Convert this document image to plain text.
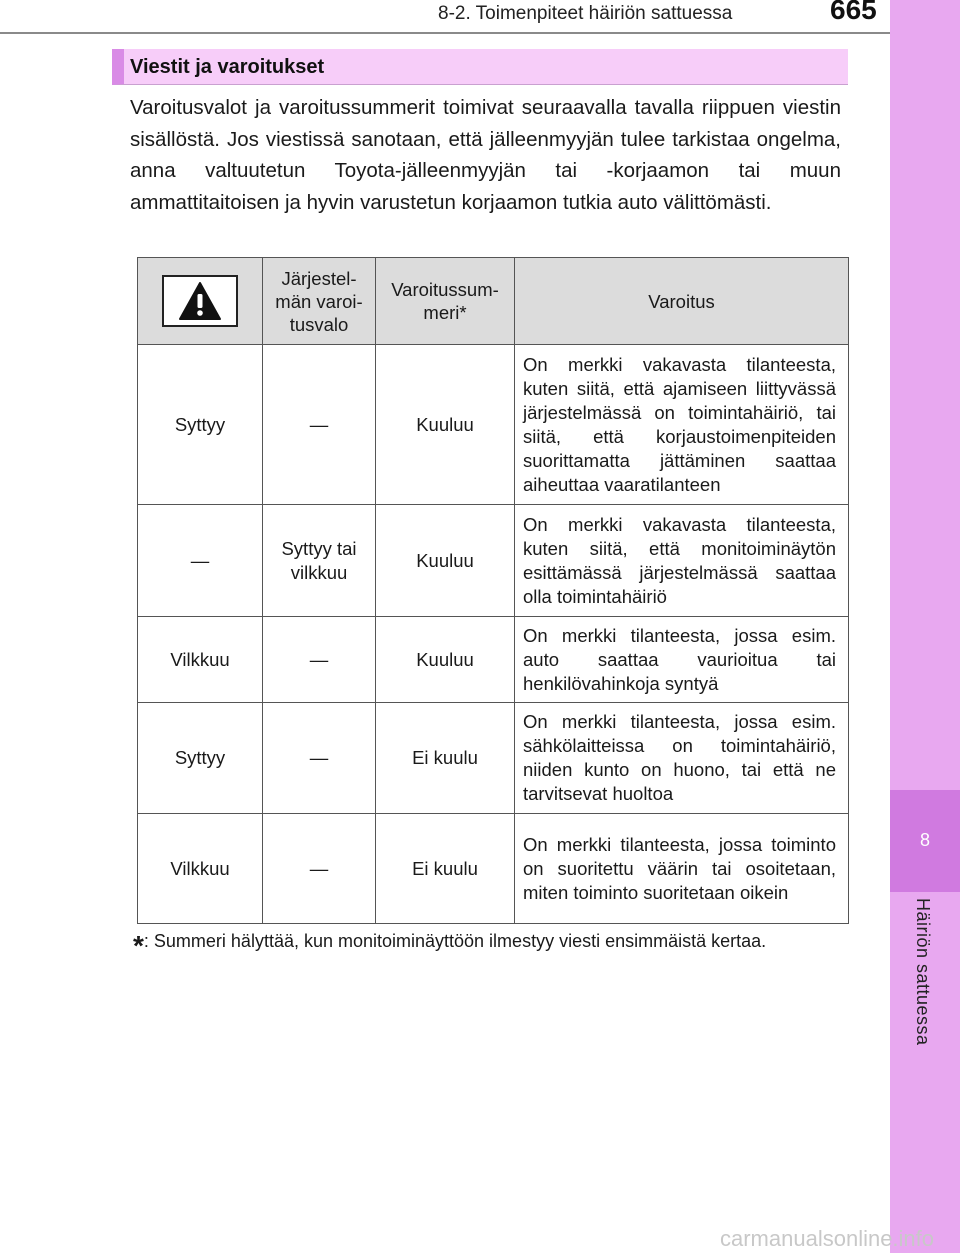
8-2. Toimenpiteet häiriön sattuessa	665
8
Häiriön sattuessa
Viestit ja varoitukset
Varoitusvalot ja varoitussummerit toimivat seuraavalla tavalla riippuen viestin sisällöstä. Jos viestissä sanotaan, että jälleenmyyjän tulee tarkistaa ongelma, anna valtuutetun Toyota-jälleenmyyjän tai -korjaamon tai muun ammattitaitoisen ja hyvin varustetun korjaamon tutkia auto välittömästi.
	Järjestel-män varoi-tusvalo	Varoitussum-meri*	Varoitus
Syttyy	—	Kuuluu	On merkki vakavasta tilanteesta, kuten siitä, että ajamiseen liittyvässä järjestelmässä on toimintahäiriö, tai siitä, että korjaustoimenpiteiden suorittamatta jättäminen saattaa aiheuttaa vaaratilanteen
—	Syttyy tai vilkkuu	Kuuluu	On merkki vakavasta tilanteesta, kuten siitä, että monitoiminäytön esittämässä järjestelmässä saattaa olla toimintahäiriö
Vilkkuu	—	Kuuluu	On merkki tilanteesta, jossa esim. auto saattaa vaurioitua tai henkilövahinkoja syntyä
Syttyy	—	Ei kuulu	On merkki tilanteesta, jossa esim. sähkölaitteissa on toimintahäiriö, niiden kunto on huono, tai että ne tarvitsevat huoltoa
Vilkkuu	—	Ei kuulu	On merkki tilanteesta, jossa toiminto on suoritettu väärin tai osoitetaan, miten toiminto suoritetaan oikein
*: Summeri hälyttää, kun monitoiminäyttöön ilmestyy viesti ensimmäistä kertaa.
carmanualsonline.info
